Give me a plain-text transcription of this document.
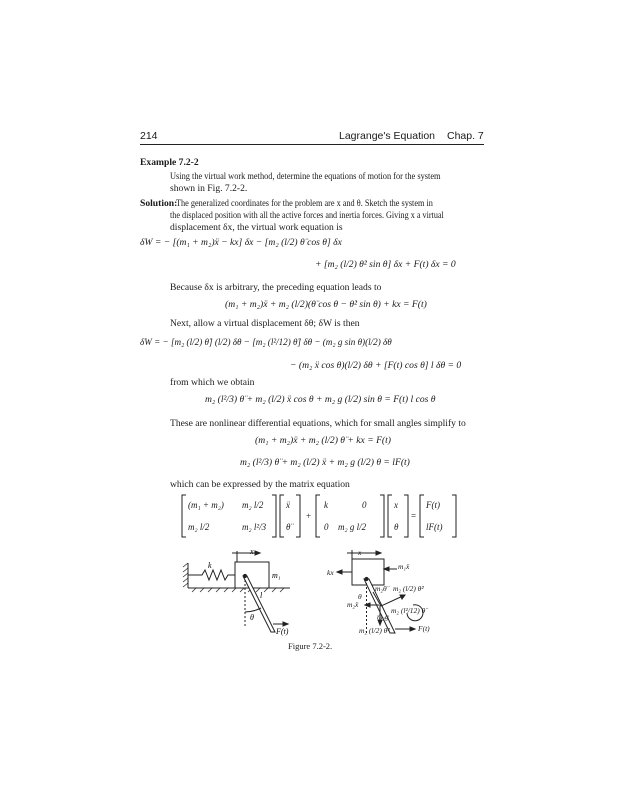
214	Lagrange's Equation Chap. 7
Example 7.2-2
Using the virtual work method, determine the equations of motion for the system
shown in Fig. 7.2-2.
Solution:
The generalized coordinates for the problem are x and θ. Sketch the system in
the displaced position with all the active forces and inertia forces. Giving x a virtual
displacement δx, the virtual work equation is
δW = − [(m₁ + m₂)ẍ − kx] δx − [m₂ (l/2) θ̈ cos θ] δx
+ [m₂ (l/2) θ̇² sin θ] δx + F(t) δx = 0
Because δx is arbitrary, the preceding equation leads to
(m₁ + m₂)ẍ + m₂ (l/2)(θ̈ cos θ − θ̇² sin θ) + kx = F(t)
Next, allow a virtual displacement δθ; δW is then
δW = − [m₂ (l/2) θ̈] (l/2) δθ − [m₂ (l²/12) θ̈] δθ − (m₂ g sin θ)(l/2) δθ
− (m₂ ẍ cos θ)(l/2) δθ + [F(t) cos θ] l δθ = 0
from which we obtain
m₂ (l²/3) θ̈ + m₂ (l/2) ẍ cos θ + m₂ g (l/2) sin θ = F(t) l cos θ
These are nonlinear differential equations, which for small angles simplify to
(m₁ + m₂)ẍ + m₂ (l/2) θ̈ + kx = F(t)
m₂ (l²/3) θ̈ + m₂ (l/2) ẍ + m₂ g (l/2) θ = lF(t)
which can be expressed by the matrix equation
(m₁ + m₂) m₂ l/2
m₂ l/2	m₂ l²/3
ẍ
θ̈
+
k	0
0 m₂ g l/2
x
θ
=
F(t)
lF(t)
x
k
m₁
l
θ
F(t)
x
kx
m₁ẍ
m₂ẍ
θ
m₂θ̈ m₂ (l/2) θ̇²
m₂ (l²/12) θ̈
m₂ (l/2) θ̇²
m₂g
F(t)
Figure 7.2-2.
